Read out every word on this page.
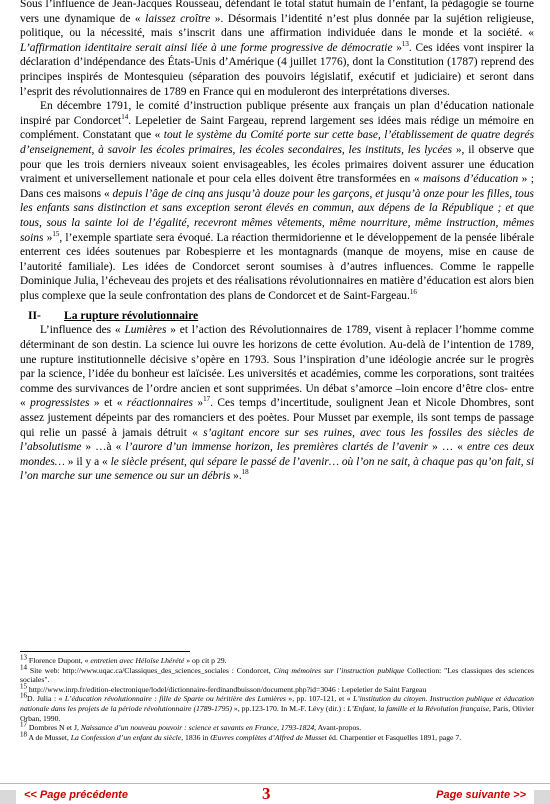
Sous l’influence de Jean-Jacques Rousseau, défendant le total statut humain de l’enfant, la pédagogie se tourne vers une dynamique de « laissez croître ». Désormais l’identité n’est plus donnée par la sujétion religieuse, politique, ou la nécessité, mais s’inscrit dans une affirmation individuée dans le monde et la société. « L’affirmation identitaire serait ainsi liée à une forme progressive de démocratie »$^{13}$. Ces idées vont inspirer la déclaration d’indépendance des États-Unis d’Amérique (4 juillet 1776), dont la Constitution (1787) reprend des principes inspirés de Montesquieu (séparation des pouvoirs législatif, exécutif et judiciaire) et seront dans l’esprit des révolutionnaires de 1789 en France qui en moduleront des interprétations diverses.

En décembre 1791, le comité d’instruction publique présente aux français un plan d’éducation nationale inspiré par Condorcet$^{14}$. Lepeletier de Saint Fargeau, reprend largement ses idées mais rédige un mémoire en complément. Constatant que « tout le système du Comité porte sur cette base, l’établissement de quatre degrés d’enseignement, à savoir les écoles primaires, les écoles secondaires, les instituts, les lycées », il observe que pour que les trois derniers niveaux soient envisageables, les écoles primaires doivent assurer une éducation vraiment et universellement nationale et pour cela elles doivent être transformées en « maisons d’éducation » ; Dans ces maisons « depuis l’âge de cinq ans jusqu’à douze pour les garçons, et jusqu’à onze pour les filles, tous les enfants sans distinction et sans exception seront élevés en commun, aux dépens de la République ; et que tous, sous la sainte loi de l’égalité, recevront mêmes vêtements, même nourriture, même instruction, mêmes soins »$^{15}$, l’exemple spartiate sera évoqué. La réaction thermidorienne et le développement de la pensée libérale enterrent ces idées soutenues par Robespierre et les montagnards (manque de moyens, mise en cause de l’autorité familiale). Les idées de Condorcet seront soumises à d’autres influences. Comme le rappelle Dominique Julia, l’écheveau des projets et des réalisations révolutionnaires en matière d’éducation est alors bien plus complexe que la seule confrontation des plans de Condorcet et de Saint-Fargeau.$^{16}$

II- La rupture révolutionnaire

L’influence des « Lumières » et l’action des Révolutionnaires de 1789, visent à replacer l’homme comme déterminant de son destin. La science lui ouvre les horizons de cette évolution. Au-delà de l’intention de 1789, une rupture institutionnelle décisive s’opère en 1793. Sous l’inspiration d’une idéologie ancrée sur le progrès par la science, l’idée du bonheur est laïcisée. Les universités et académies, comme les corporations, sont traitées comme des survivances de l’ordre ancien et sont supprimées. Un débat s’amorce –loin encore d’être clos- entre « progressistes » et « réactionnaires »$^{17}$. Ces temps d’incertitude, soulignent Jean et Nicole Dhombres, sont assez justement dépeints par des romanciers et des poètes. Pour Musset par exemple, ils sont temps de passage qui relie un passé à jamais détruit « s’agitant encore sur ses ruines, avec tous les fossiles des siècles de l’absolutisme » …à « l’aurore d’un immense horizon, les premières clartés de l’avenir » … « entre ces deux mondes… » il y a « le siècle présent, qui sépare le passé de l’avenir… où l’on ne sait, à chaque pas qu’on fait, si l’on marche sur une semence ou sur un débris ».$^{18}$

$^{13}$ Florence Dupont, « entretien avec Héloïse Lhérété » op cit p 29.

$^{14}$ Site web: http://www.uqac.ca/Classiques_des_sciences_sociales : Condorcet, Cinq mémoires sur l’instruction publique Collection: "Les classiques des sciences sociales".

$^{15}$ http://www.inrp.fr/edition-electronique/lodel/dictionnaire-ferdinandbuisson/document.php?id=3046 : Lepeletier de Saint Fargeau

$^{16}$D. Julia : « L’éducation révolutionnaire : fille de Sparte ou héritière des Lumières », pp. 107-121, et « L’institution du citoyen. Instruction publique et éducation nationale dans les projets de la période révolutionnaire (1789-1795) », pp.123-170. In M.-F. Lévy (dir.) : L’Enfant, la famille et la Révolution française, Paris, Olivier Orban, 1990.

$^{17}$ Dombres N et J, Naissance d’un nouveau pouvoir : science et savants en France, 1793-1824, Avant-propos.

$^{18}$ A de Musset, La Confession d’un enfant du siècle, 1836 in Œuvres complètes d’Alfred de Musset éd. Charpentier et Fasquelles 1891, page 7.

<< Page précédente	3	Page suivante >>
